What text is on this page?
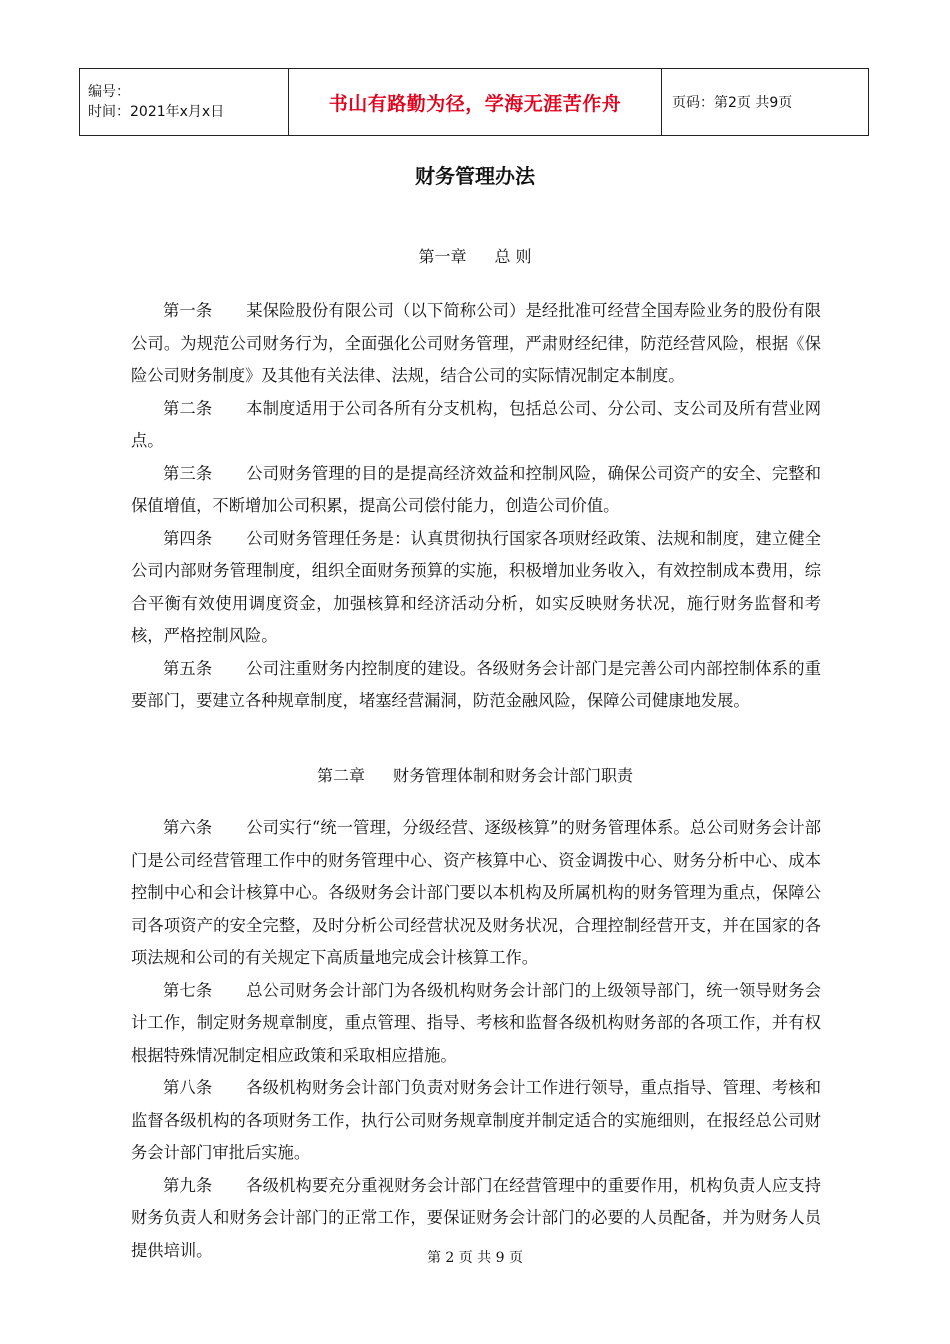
编号：
时间：2021年x月x日	书山有路勤为径，学海无涯苦作舟	页码：第2页 共9页
财务管理办法
第一章 总 则

第一条 某保险股份有限公司（以下简称公司）是经批准可经营全国寿险业务的股份有限公司。为规范公司财务行为，全面强化公司财务管理，严肃财经纪律，防范经营风险，根据《保险公司财务制度》及其他有关法律、法规，结合公司的实际情况制定本制度。

第二条 本制度适用于公司各所有分支机构，包括总公司、分公司、支公司及所有营业网点。

第三条 公司财务管理的目的是提高经济效益和控制风险，确保公司资产的安全、完整和保值增值，不断增加公司积累，提高公司偿付能力，创造公司价值。

第四条 公司财务管理任务是：认真贯彻执行国家各项财经政策、法规和制度，建立健全公司内部财务管理制度，组织全面财务预算的实施，积极增加业务收入，有效控制成本费用，综合平衡有效使用调度资金，加强核算和经济活动分析，如实反映财务状况，施行财务监督和考核，严格控制风险。

第五条 公司注重财务内控制度的建设。各级财务会计部门是完善公司内部控制体系的重要部门，要建立各种规章制度，堵塞经营漏洞，防范金融风险，保障公司健康地发展。

第二章 财务管理体制和财务会计部门职责

第六条 公司实行“统一管理，分级经营、逐级核算”的财务管理体系。总公司财务会计部门是公司经营管理工作中的财务管理中心、资产核算中心、资金调拨中心、财务分析中心、成本控制中心和会计核算中心。各级财务会计部门要以本机构及所属机构的财务管理为重点，保障公司各项资产的安全完整，及时分析公司经营状况及财务状况，合理控制经营开支，并在国家的各项法规和公司的有关规定下高质量地完成会计核算工作。

第七条 总公司财务会计部门为各级机构财务会计部门的上级领导部门，统一领导财务会计工作，制定财务规章制度，重点管理、指导、考核和监督各级机构财务部的各项工作，并有权根据特殊情况制定相应政策和采取相应措施。

第八条 各级机构财务会计部门负责对财务会计工作进行领导，重点指导、管理、考核和监督各级机构的各项财务工作，执行公司财务规章制度并制定适合的实施细则，在报经总公司财务会计部门审批后实施。

第九条 各级机构要充分重视财务会计部门在经营管理中的重要作用，机构负责人应支持财务负责人和财务会计部门的正常工作，要保证财务会计部门的必要的人员配备，并为财务人员提供培训。	第 2 页 共 9 页
